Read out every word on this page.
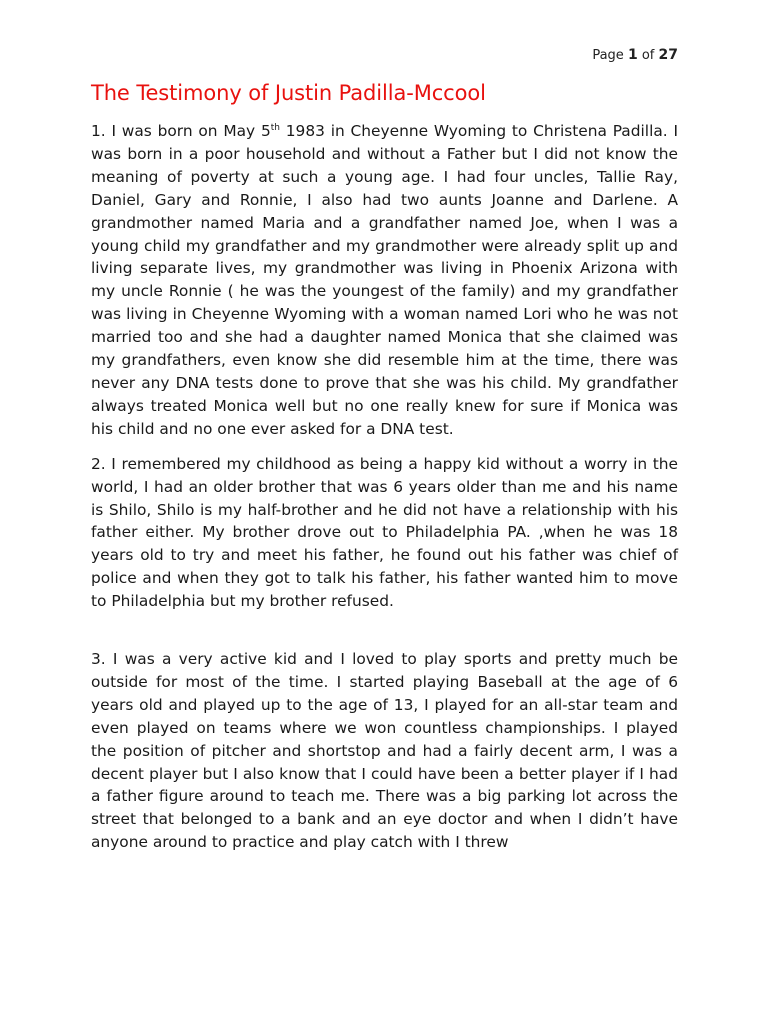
Page 1 of 27
The Testimony of Justin Padilla-Mccool

1. I was born on May 5th 1983 in Cheyenne Wyoming to Christena Padilla. I was born in a poor household and without a Father but I did not know the meaning of poverty at such a young age. I had four uncles, Tallie Ray, Daniel, Gary and Ronnie, I also had two aunts Joanne and Darlene. A grandmother named Maria and a grandfather named Joe, when I was a young child my grandfather and my grandmother were already split up and living separate lives, my grandmother was living in Phoenix Arizona with my uncle Ronnie ( he was the youngest of the family) and my grandfather was living in Cheyenne Wyoming with a woman named Lori who he was not married too and she had a daughter named Monica that she claimed was my grandfathers, even know she did resemble him at the time, there was never any DNA tests done to prove that she was his child. My grandfather always treated Monica well but no one really knew for sure if Monica was his child and no one ever asked for a DNA test.

2. I remembered my childhood as being a happy kid without a worry in the world, I had an older brother that was 6 years older than me and his name is Shilo, Shilo is my half-brother and he did not have a relationship with his father either. My brother drove out to Philadelphia PA. ,when he was 18 years old to try and meet his father, he found out his father was chief of police and when they got to talk his father, his father wanted him to move to Philadelphia but my brother refused.

3. I was a very active kid and I loved to play sports and pretty much be outside for most of the time. I started playing Baseball at the age of 6 years old and played up to the age of 13, I played for an all-star team and even played on teams where we won countless championships. I played the position of pitcher and shortstop and had a fairly decent arm, I was a decent player but I also know that I could have been a better player if I had a father figure around to teach me. There was a big parking lot across the street that belonged to a bank and an eye doctor and when I didn’t have anyone around to practice and play catch with I threw
